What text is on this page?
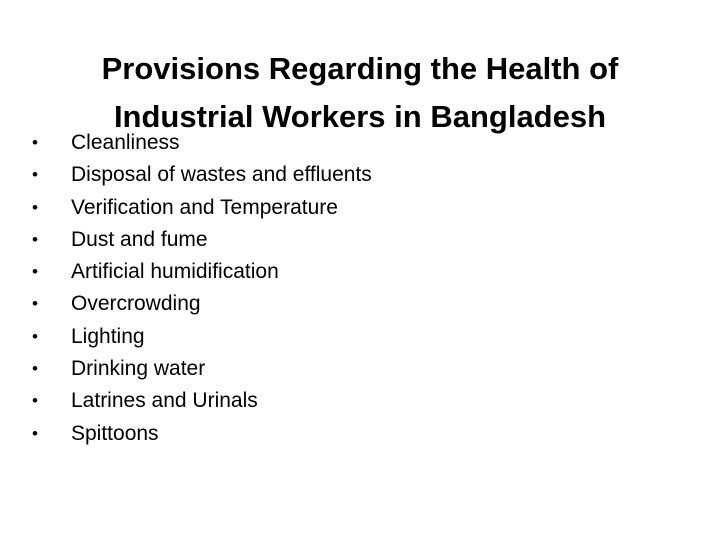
Provisions Regarding the Health of
Industrial Workers in Bangladesh
• Cleanliness
• Disposal of wastes and effluents
• Verification and Temperature
• Dust and fume
• Artificial humidification
• Overcrowding
• Lighting
• Drinking water
• Latrines and Urinals
• Spittoons
